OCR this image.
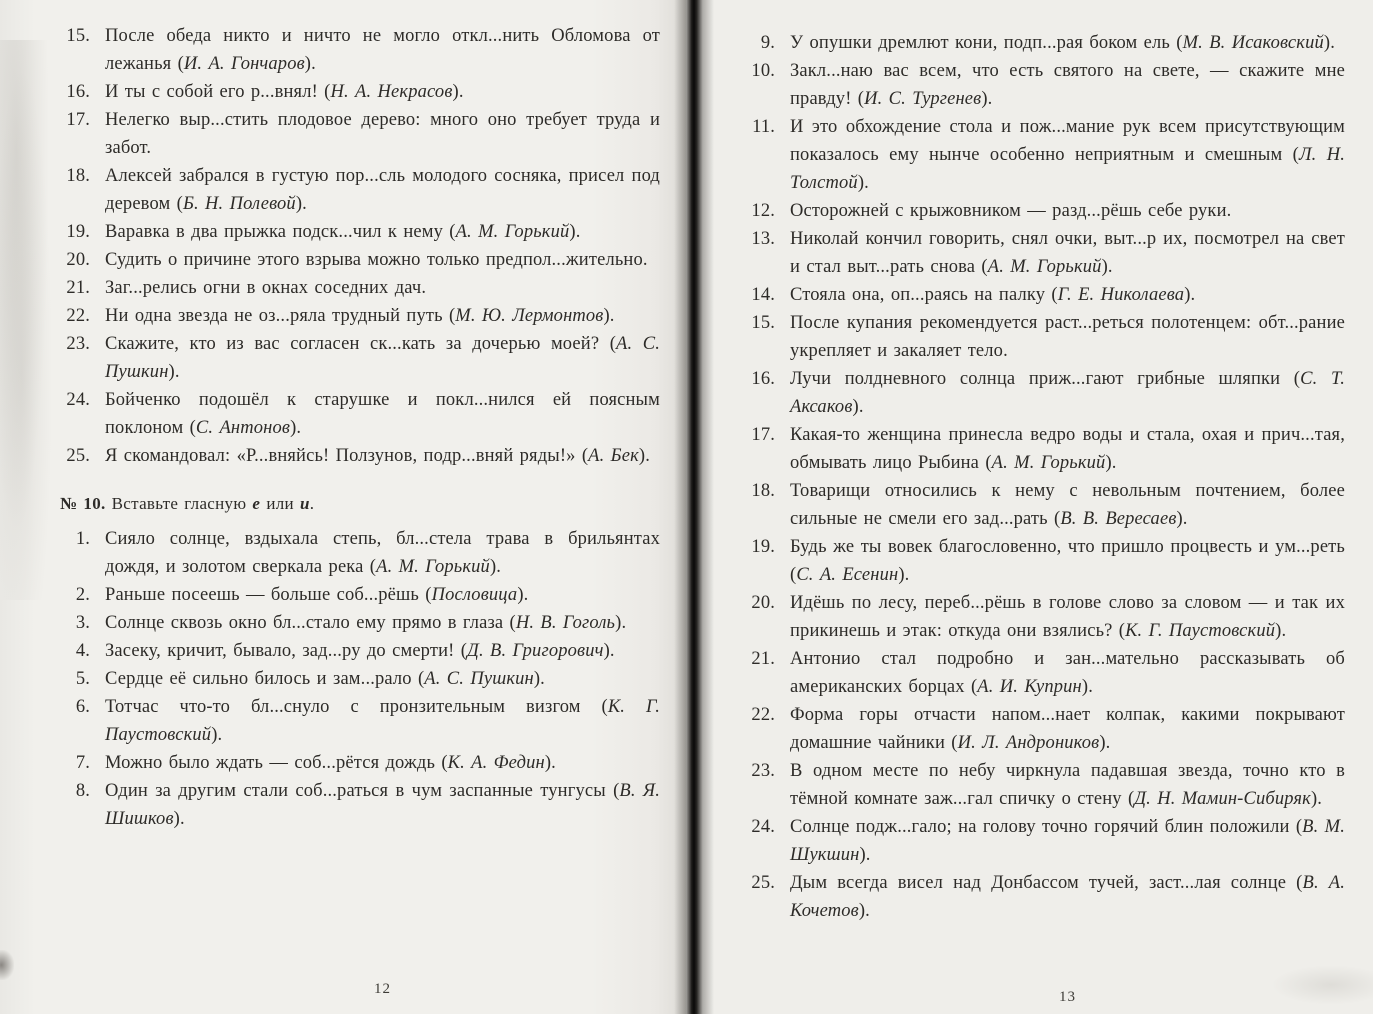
15. После обеда никто и ничто не могло откл...нить Обломова от лежанья (И. А. Гончаров).
16. И ты с собой его р...внял! (Н. А. Некрасов).
17. Нелегко выр...стить плодовое дерево: много оно требует труда и забот.
18. Алексей забрался в густую пор...сль молодого сосняка, присел под деревом (Б. Н. Полевой).
19. Варавка в два прыжка подск...чил к нему (А. М. Горький).
20. Судить о причине этого взрыва можно только предпол...жительно.
21. Заг...релись огни в окнах соседних дач.
22. Ни одна звезда не оз...ряла трудный путь (М. Ю. Лермонтов).
23. Скажите, кто из вас согласен ск...кать за дочерью моей? (А. С. Пушкин).
24. Бойченко подошёл к старушке и покл...нился ей поясным поклоном (С. Антонов).
25. Я скомандовал: «Р...вняйсь! Ползунов, подр...вняй ряды!» (А. Бек).
№ 10. Вставьте гласную е или и.
1. Сияло солнце, вздыхала степь, бл...стела трава в брильянтах дождя, и золотом сверкала река (А. М. Горький).
2. Раньше посеешь — больше соб...рёшь (Пословица).
3. Солнце сквозь окно бл...стало ему прямо в глаза (Н. В. Гоголь).
4. Засеку, кричит, бывало, зад...ру до смерти! (Д. В. Григорович).
5. Сердце её сильно билось и зам...рало (А. С. Пушкин).
6. Тотчас что-то бл...снуло с пронзительным визгом (К. Г. Паустовский).
7. Можно было ждать — соб...рётся дождь (К. А. Федин).
8. Один за другим стали соб...раться в чум заспанные тунгусы (В. Я. Шишков).
12
9. У опушки дремлют кони, подп...рая боком ель (М. В. Исаковский).
10. Закл...наю вас всем, что есть святого на свете, — скажите мне правду! (И. С. Тургенев).
11. И это обхождение стола и пож...мание рук всем присутствующим показалось ему нынче особенно неприятным и смешным (Л. Н. Толстой).
12. Осторожней с крыжовником — разд...рёшь себе руки.
13. Николай кончил говорить, снял очки, выт...р их, посмотрел на свет и стал выт...рать снова (А. М. Горький).
14. Стояла она, оп...раясь на палку (Г. Е. Николаева).
15. После купания рекомендуется раст...реться полотенцем: обт...рание укрепляет и закаляет тело.
16. Лучи полдневного солнца приж...гают грибные шляпки (С. Т. Аксаков).
17. Какая-то женщина принесла ведро воды и стала, охая и прич...тая, обмывать лицо Рыбина (А. М. Горький).
18. Товарищи относились к нему с невольным почтением, более сильные не смели его зад...рать (В. В. Вересаев).
19. Будь же ты вовек благословенно, что пришло процвесть и ум...реть (С. А. Есенин).
20. Идёшь по лесу, переб...рёшь в голове слово за словом — и так их прикинешь и этак: откуда они взялись? (К. Г. Паустовский).
21. Антонио стал подробно и зан...мательно рассказывать об американских борцах (А. И. Куприн).
22. Форма горы отчасти напом...нает колпак, какими покрывают домашние чайники (И. Л. Андроников).
23. В одном месте по небу чиркнула падавшая звезда, точно кто в тёмной комнате заж...гал спичку о стену (Д. Н. Мамин-Сибиряк).
24. Солнце подж...гало; на голову точно горячий блин положили (В. М. Шукшин).
25. Дым всегда висел над Донбассом тучей, заст...лая солнце (В. А. Кочетов).
13
